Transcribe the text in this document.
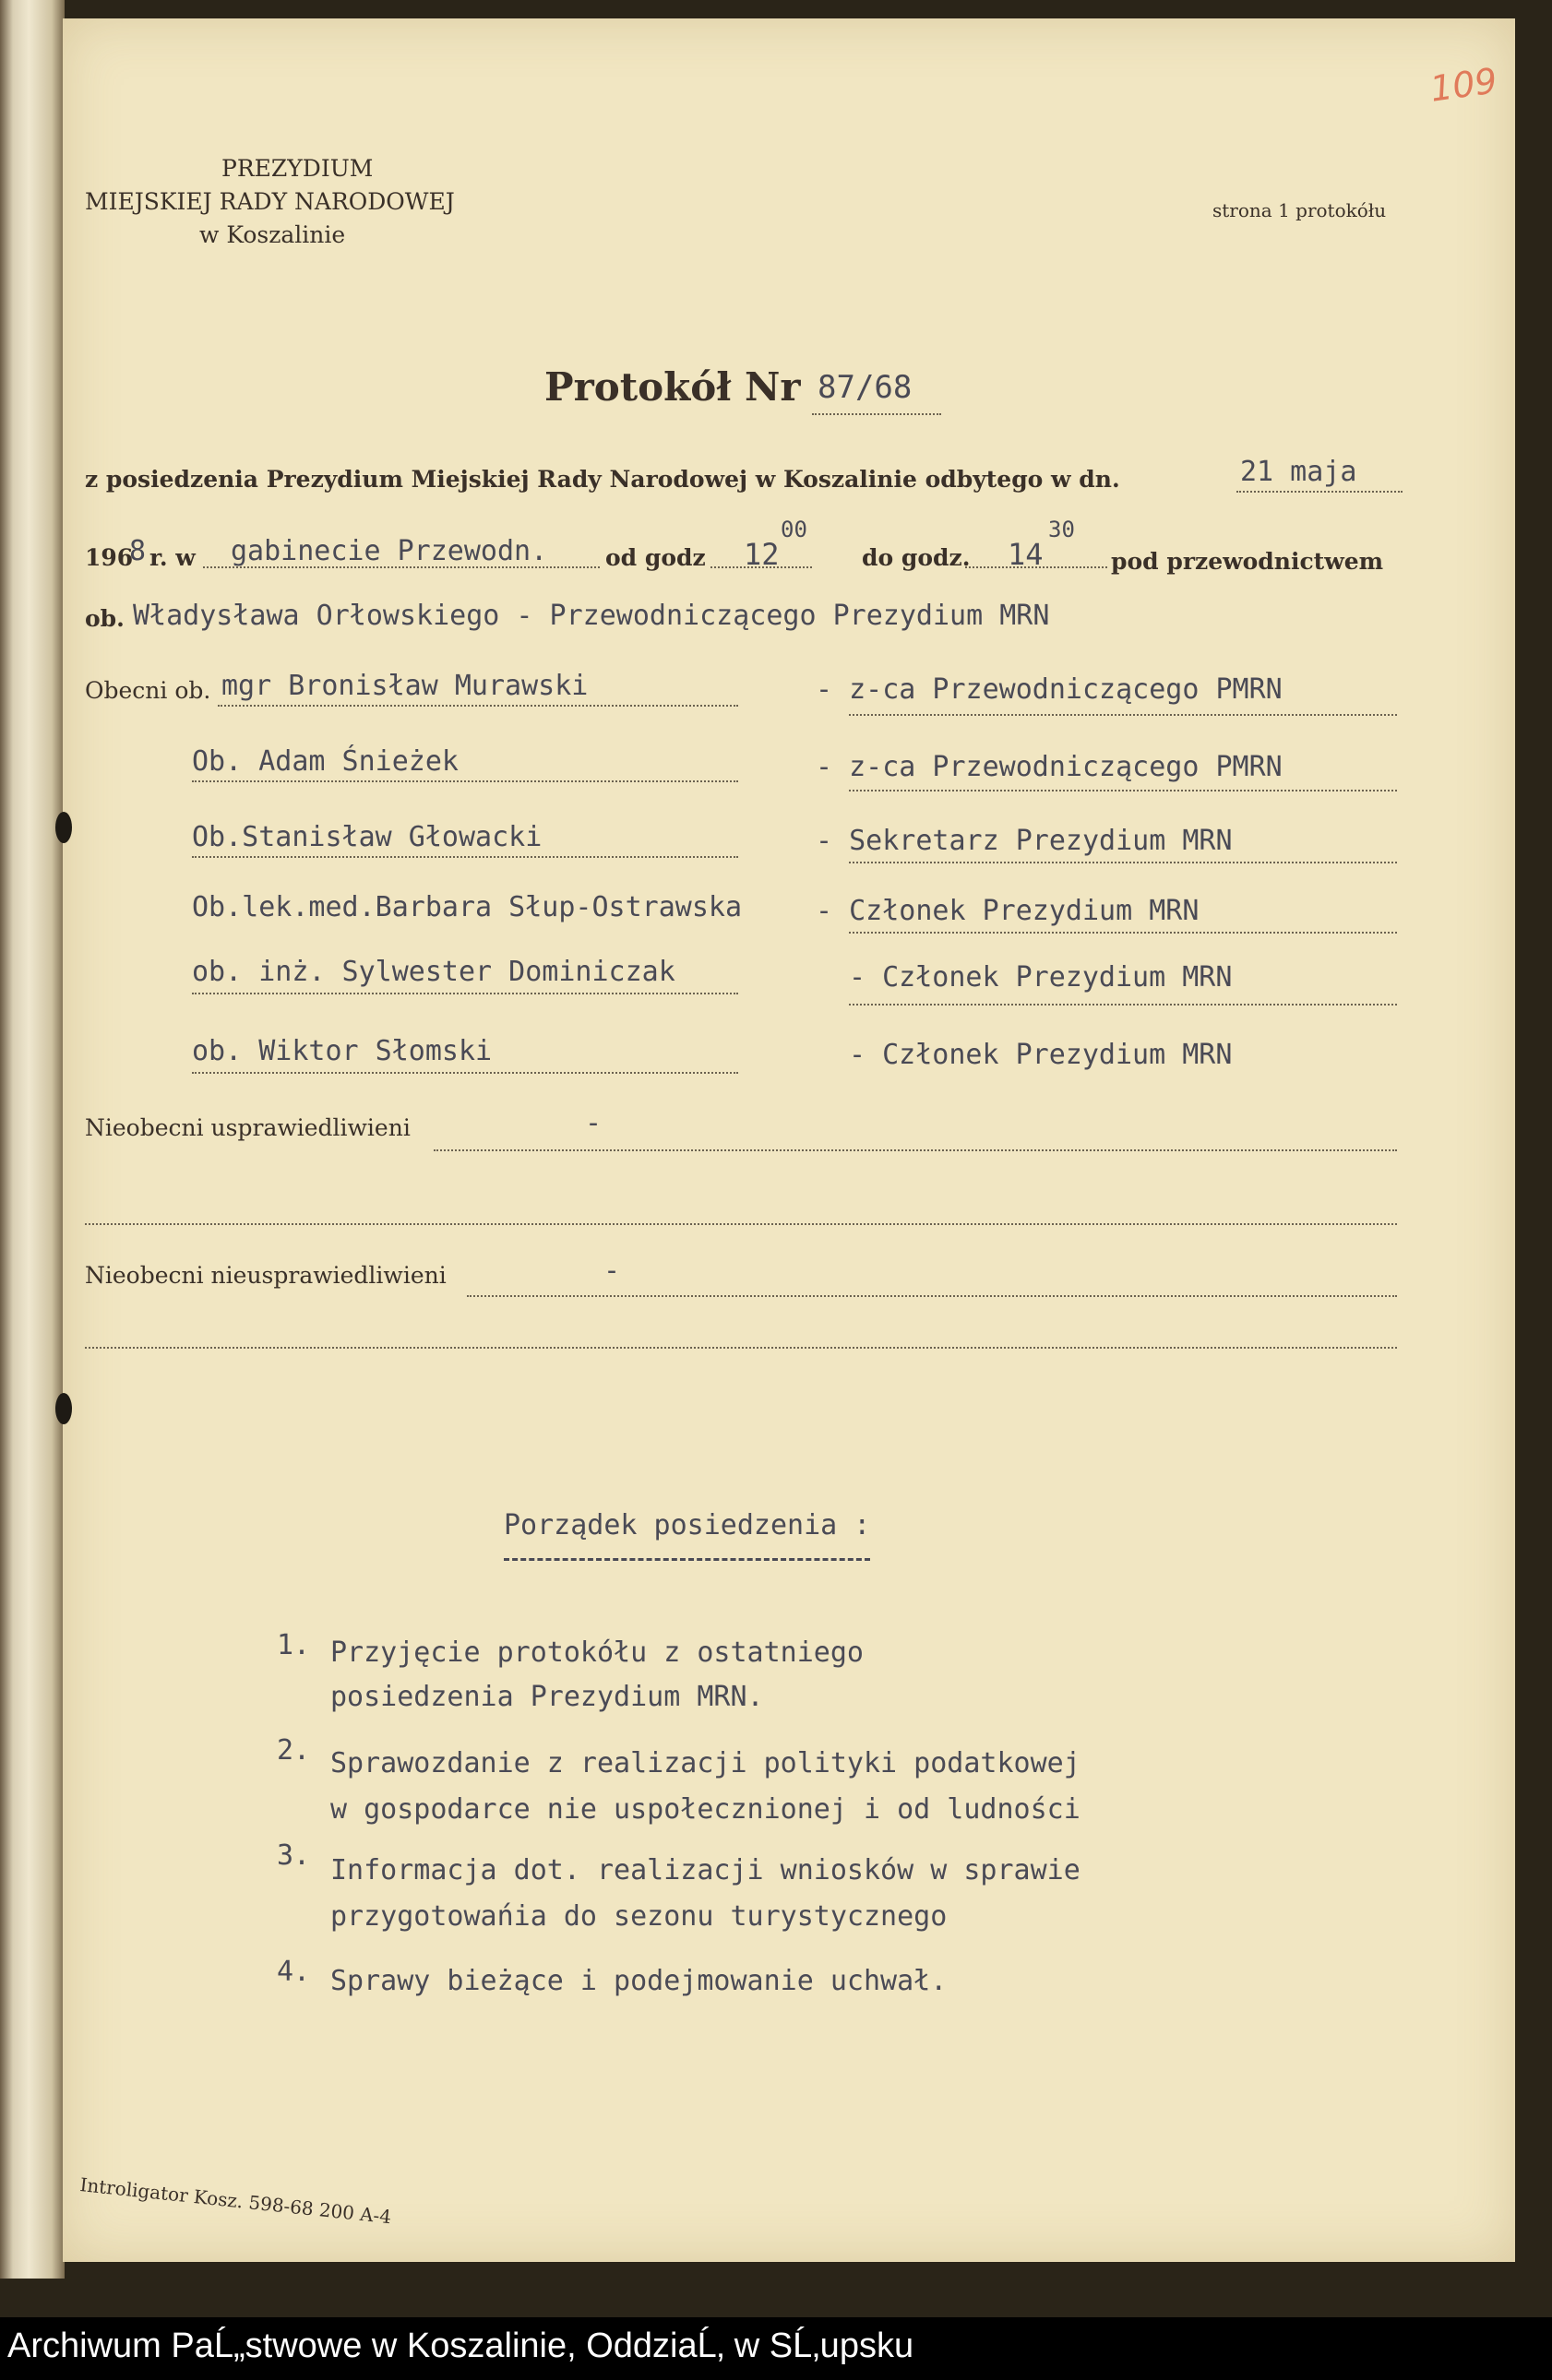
109
PREZYDIUM
MIEJSKIEJ RADY NARODOWEJ
w Koszalinie
strona 1 protokółu
Protokół Nr 87/68
z posiedzenia Prezydium Miejskiej Rady Narodowej w Koszalinie odbytego w dn.	21 maja
196
8 r. w gabinecie Przewodn.	od godz 12
00
do godz. 14
30
pod przewodnictwem
ob. Władysława Orłowskiego - Przewodniczącego Prezydium MRN
Obecni ob. mgr Bronisław Murawski	- z-ca Przewodniczącego PMRN
Ob. Adam Śnieżek	- z-ca Przewodniczącego PMRN
Ob.Stanisław Głowacki	- Sekretarz Prezydium MRN
Ob.lek.med.Barbara Słup-Ostrawska	- Członek Prezydium MRN
ob. inż. Sylwester Dominiczak	- Członek Prezydium MRN
ob. Wiktor Słomski	- Członek Prezydium MRN
Nieobecni usprawiedliwieni	-
Nieobecni nieusprawiedliwieni	-
Porządek posiedzenia :
1. Przyjęcie protokółu z ostatniego
posiedzenia Prezydium MRN.
2. Sprawozdanie z realizacji polityki podatkowej
w gospodarce nie uspołecznionej i od ludności
3. Informacja dot. realizacji wniosków w sprawie
przygotowańia do sezonu turystycznego
4. Sprawy bieżące i podejmowanie uchwał.
Introligator Kosz. 598-68 200 A-4
Archiwum PaĹ„stwowe w Koszalinie, OddziaĹ‚ w SĹ‚upsku
